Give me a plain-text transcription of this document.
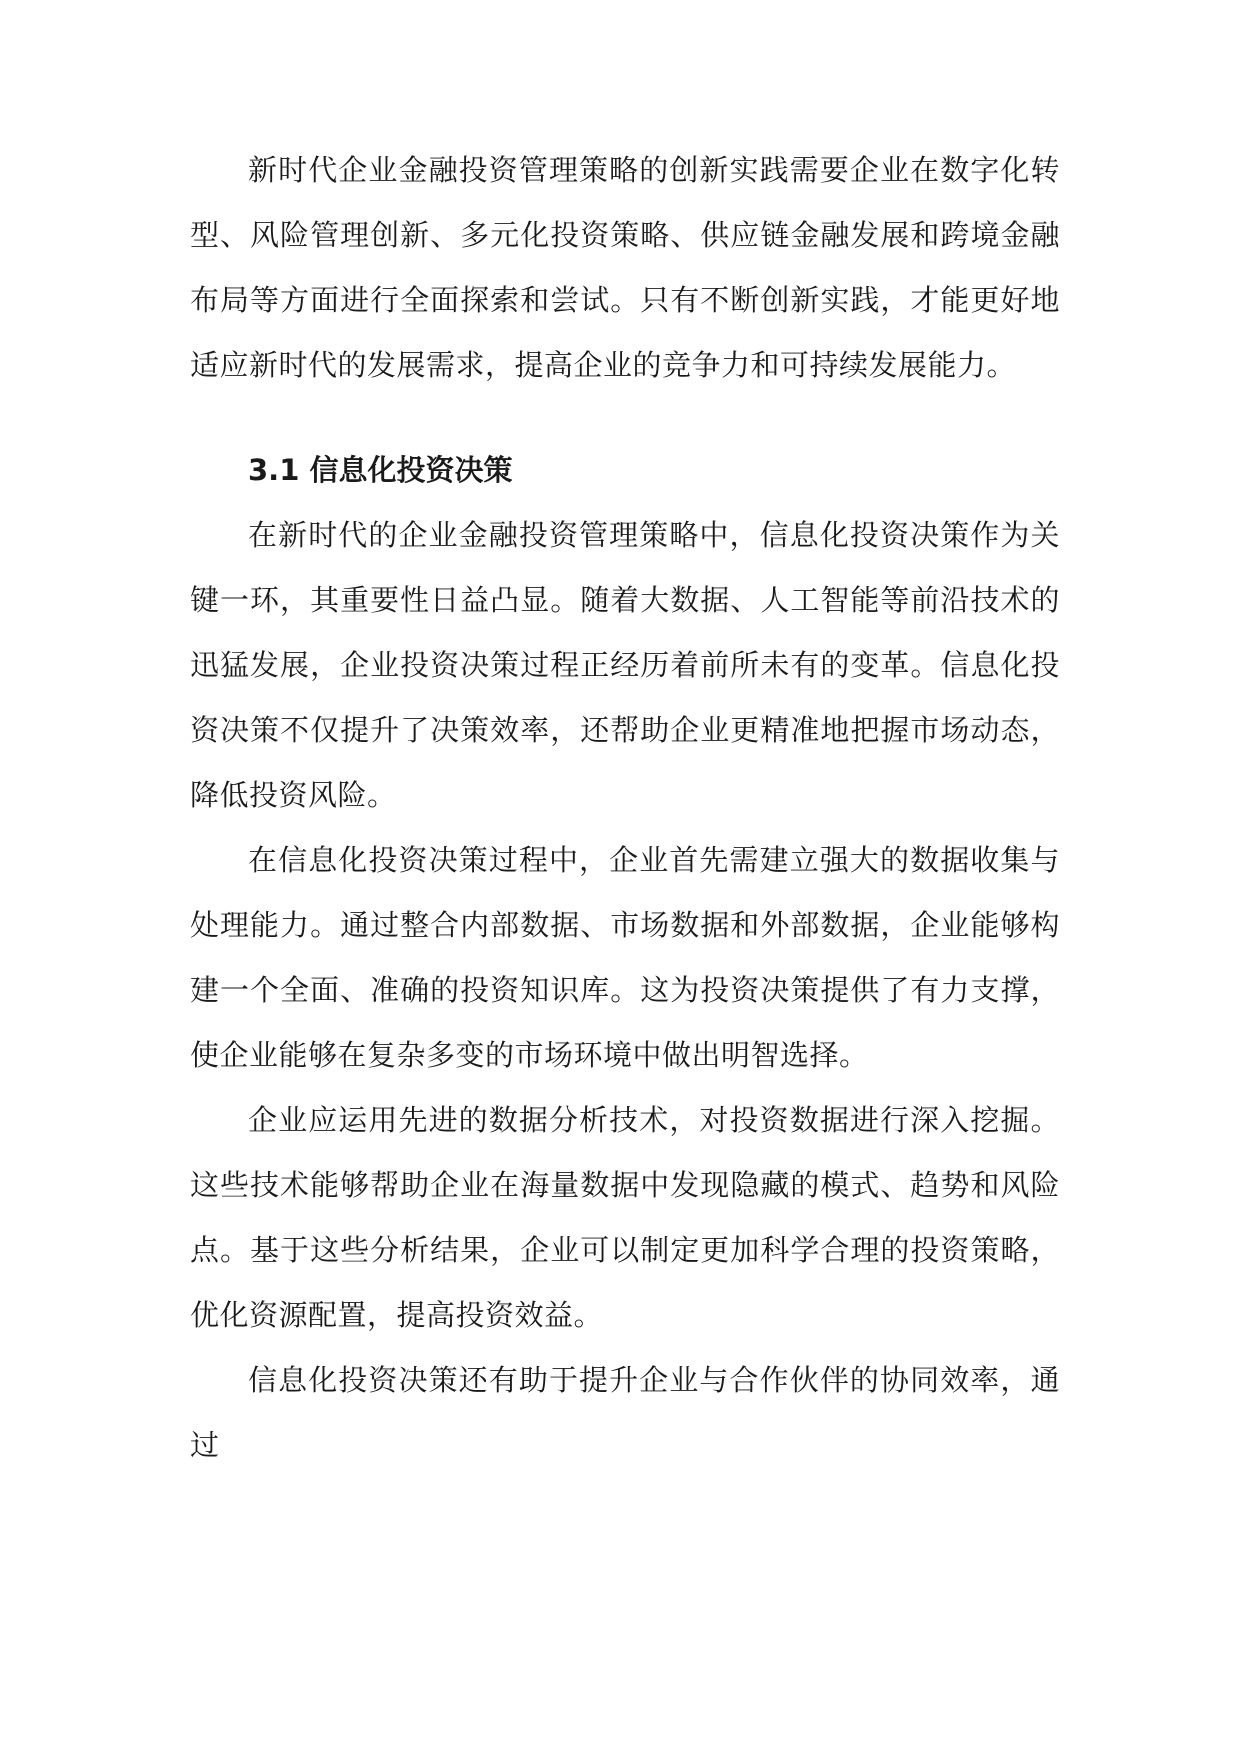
新时代企业金融投资管理策略的创新实践需要企业在数字化转型、风险管理创新、多元化投资策略、供应链金融发展和跨境金融布局等方面进行全面探索和尝试。只有不断创新实践，才能更好地适应新时代的发展需求，提高企业的竞争力和可持续发展能力。

3.1 信息化投资决策

在新时代的企业金融投资管理策略中，信息化投资决策作为关键一环，其重要性日益凸显。随着大数据、人工智能等前沿技术的迅猛发展，企业投资决策过程正经历着前所未有的变革。信息化投资决策不仅提升了决策效率，还帮助企业更精准地把握市场动态，降低投资风险。

在信息化投资决策过程中，企业首先需建立强大的数据收集与处理能力。通过整合内部数据、市场数据和外部数据，企业能够构建一个全面、准确的投资知识库。这为投资决策提供了有力支撑，使企业能够在复杂多变的市场环境中做出明智选择。

企业应运用先进的数据分析技术，对投资数据进行深入挖掘。这些技术能够帮助企业在海量数据中发现隐藏的模式、趋势和风险点。基于这些分析结果，企业可以制定更加科学合理的投资策略，优化资源配置，提高投资效益。

信息化投资决策还有助于提升企业与合作伙伴的协同效率，通过
